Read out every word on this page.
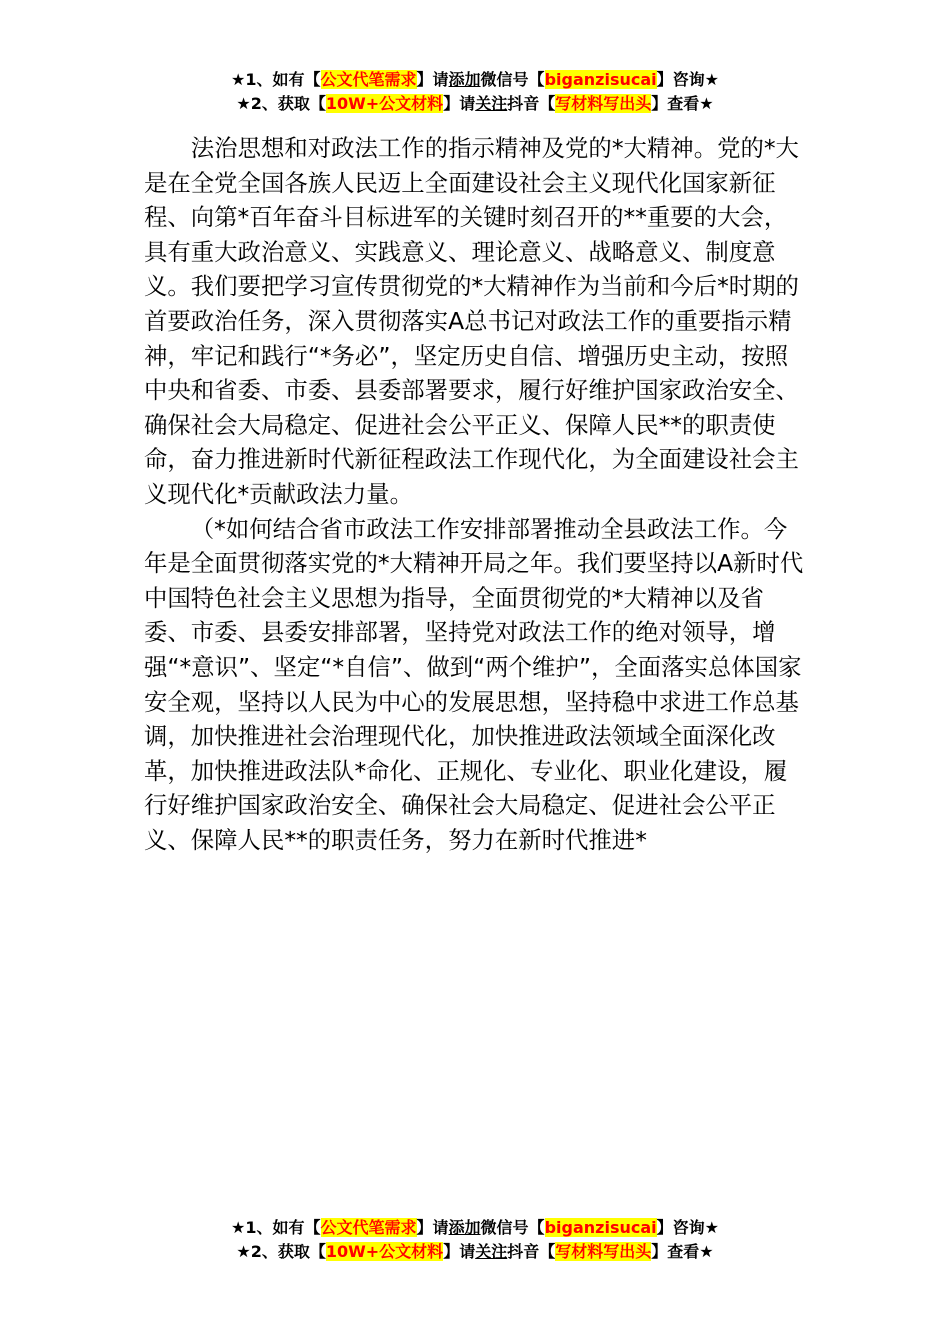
★1、如有【公文代笔需求】请添加微信号【biganzisucai】咨询★
★2、获取【10W+公文材料】请关注抖音【写材料写出头】查看★

法治思想和对政法工作的指示精神及党的*大精神。党的*大是在全党全国各族人民迈上全面建设社会主义现代化国家新征程、向第*百年奋斗目标进军的关键时刻召开的**重要的大会，具有重大政治意义、实践意义、理论意义、战略意义、制度意义。我们要把学习宣传贯彻党的*大精神作为当前和今后*时期的首要政治任务，深入贯彻落实A总书记对政法工作的重要指示精神，牢记和践行“*务必”，坚定历史自信、增强历史主动，按照中央和省委、市委、县委部署要求，履行好维护国家政治安全、确保社会大局稳定、促进社会公平正义、保障人民**的职责使命，奋力推进新时代新征程政法工作现代化，为全面建设社会主义现代化*贡献政法力量。

（*如何结合省市政法工作安排部署推动全县政法工作。今年是全面贯彻落实党的*大精神开局之年。我们要坚持以A新时代中国特色社会主义思想为指导，全面贯彻党的*大精神以及省委、市委、县委安排部署，坚持党对政法工作的绝对领导，增强“*意识”、坚定“*自信”、做到“两个维护”，全面落实总体国家安全观，坚持以人民为中心的发展思想，坚持稳中求进工作总基调，加快推进社会治理现代化，加快推进政法领域全面深化改革，加快推进政法队*命化、正规化、专业化、职业化建设，履行好维护国家政治安全、确保社会大局稳定、促进社会公平正义、保障人民**的职责任务，努力在新时代推进*

★1、如有【公文代笔需求】请添加微信号【biganzisucai】咨询★
★2、获取【10W+公文材料】请关注抖音【写材料写出头】查看★
